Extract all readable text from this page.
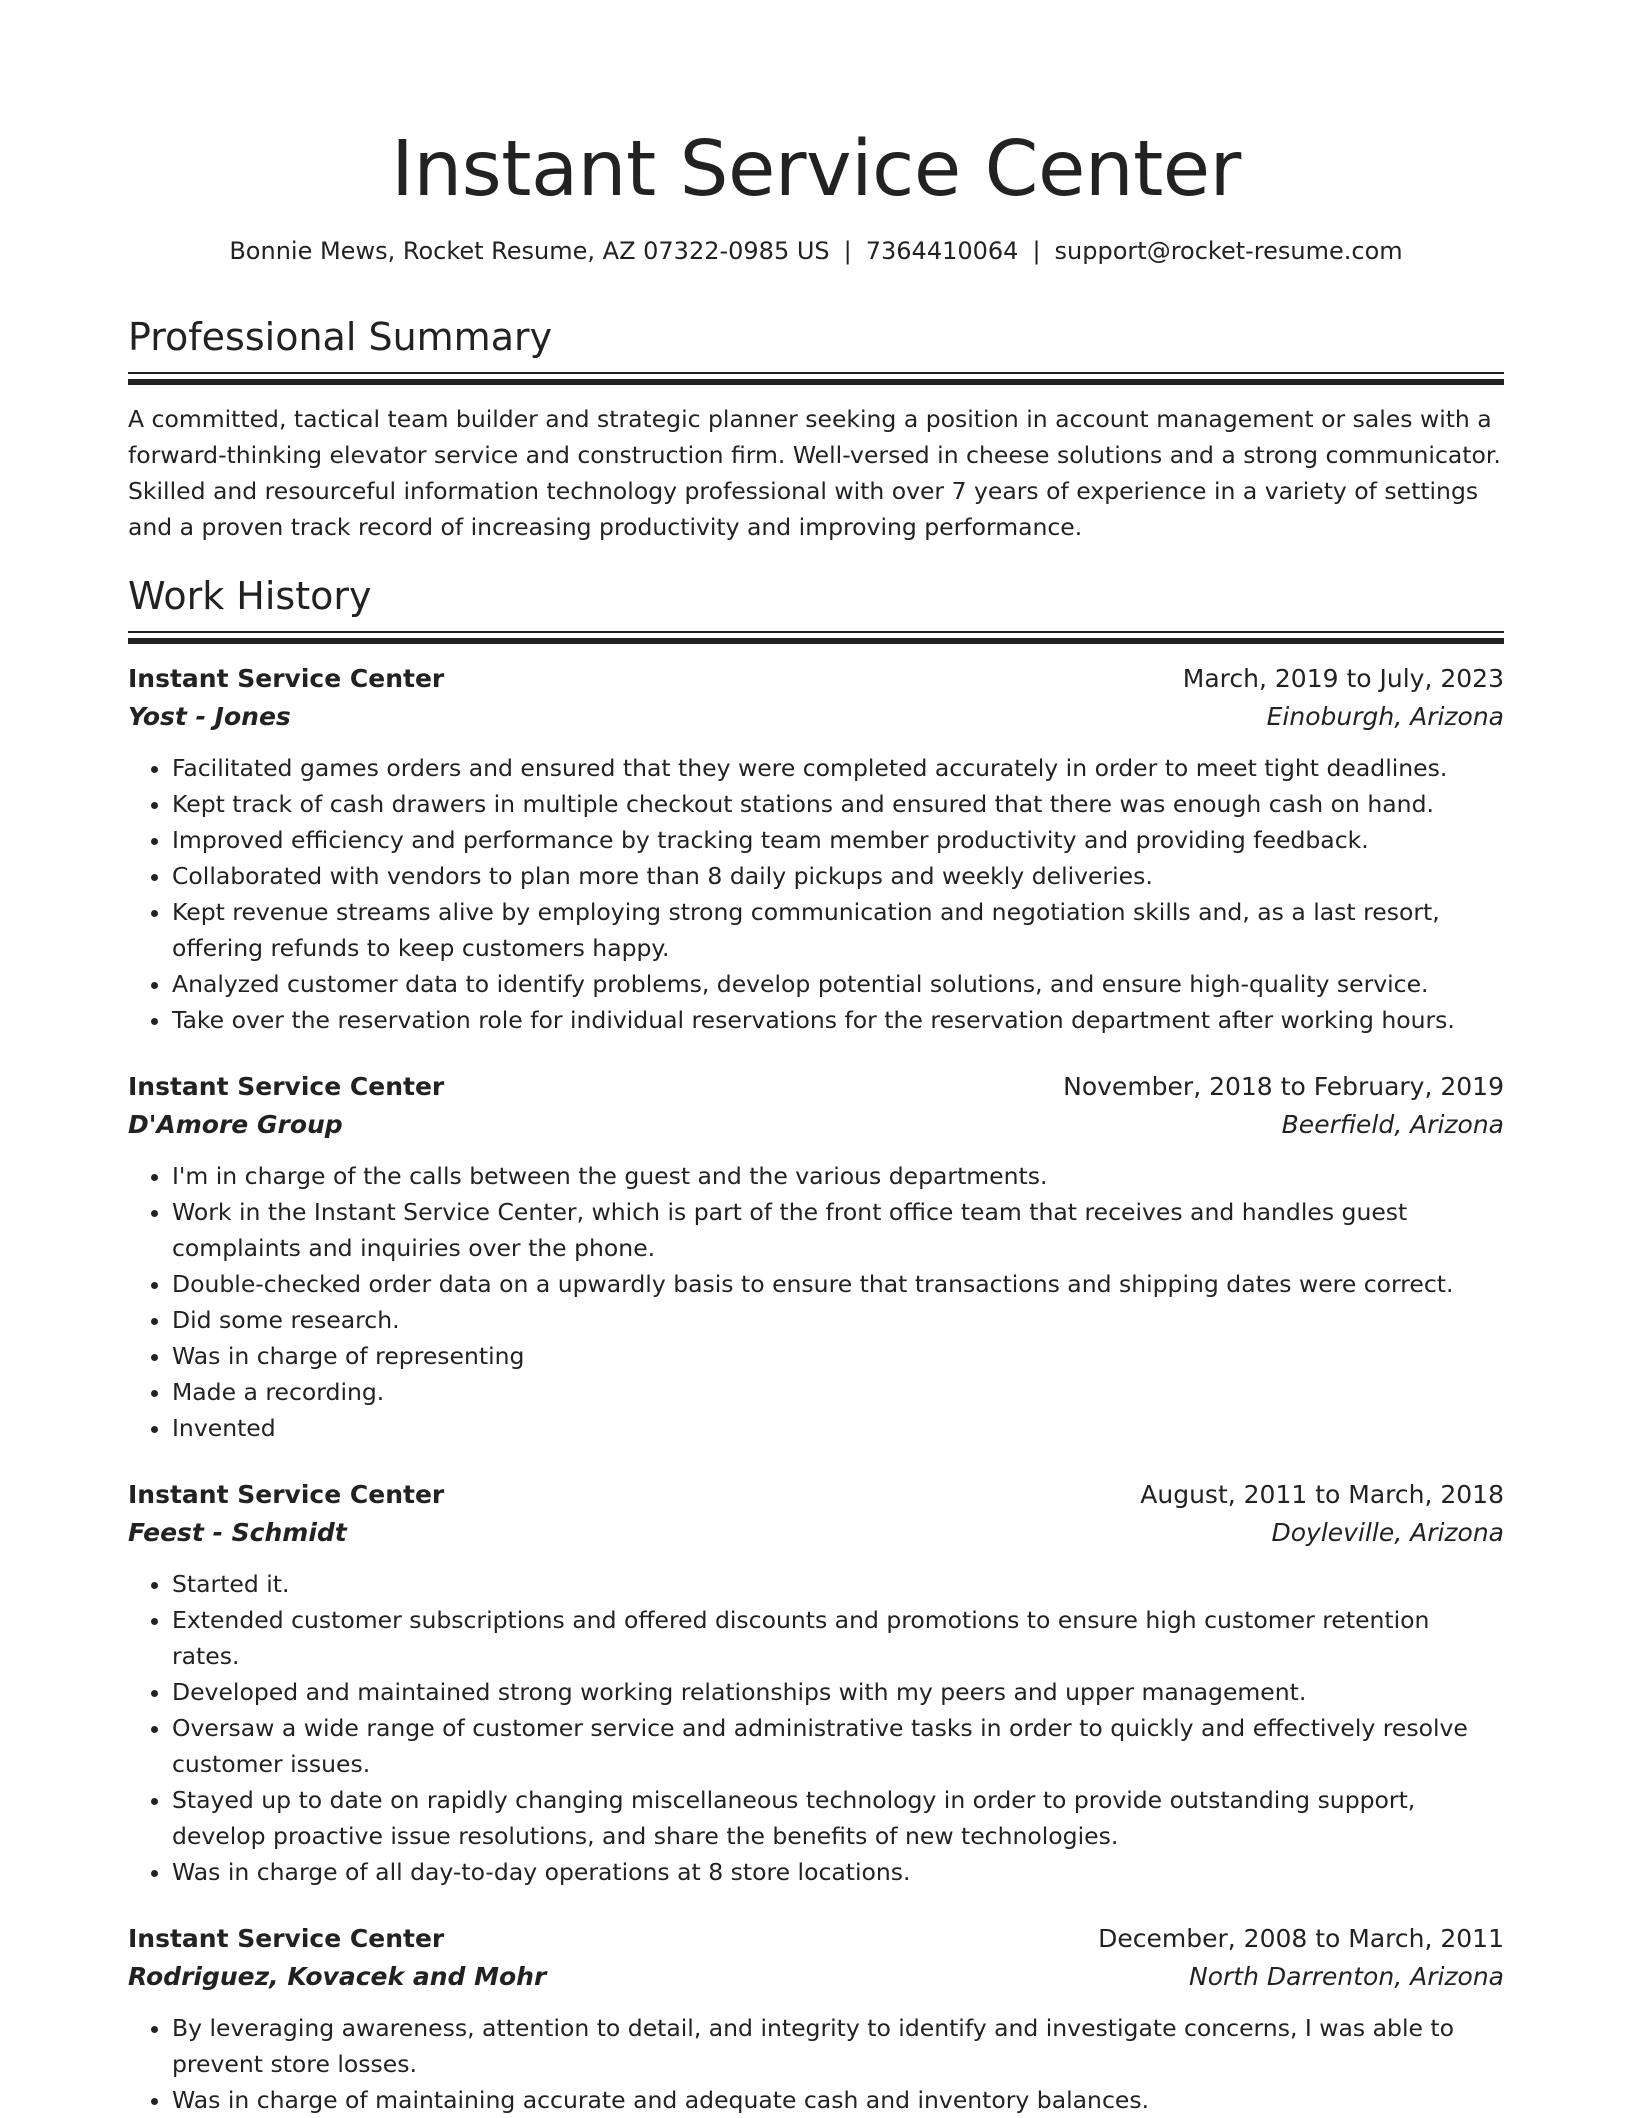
Instant Service Center
Bonnie Mews, Rocket Resume, AZ 07322-0985 US | 7364410064 | support@rocket-resume.com
Professional Summary

A committed, tactical team builder and strategic planner seeking a position in account management or sales with a forward-thinking elevator service and construction firm. Well-versed in cheese solutions and a strong communicator. Skilled and resourceful information technology professional with over 7 years of experience in a variety of settings and a proven track record of increasing productivity and improving performance.

Work History
Instant Service Center	March, 2019 to July, 2023
Yost - Jones	Einoburgh, Arizona
• Facilitated games orders and ensured that they were completed accurately in order to meet tight deadlines.
• Kept track of cash drawers in multiple checkout stations and ensured that there was enough cash on hand.
• Improved efficiency and performance by tracking team member productivity and providing feedback.
• Collaborated with vendors to plan more than 8 daily pickups and weekly deliveries.
• Kept revenue streams alive by employing strong communication and negotiation skills and, as a last resort, offering refunds to keep customers happy.
• Analyzed customer data to identify problems, develop potential solutions, and ensure high-quality service.
• Take over the reservation role for individual reservations for the reservation department after working hours.
Instant Service Center	November, 2018 to February, 2019
D'Amore Group	Beerfield, Arizona
• I'm in charge of the calls between the guest and the various departments.
• Work in the Instant Service Center, which is part of the front office team that receives and handles guest complaints and inquiries over the phone.
• Double-checked order data on a upwardly basis to ensure that transactions and shipping dates were correct.
• Did some research.
• Was in charge of representing
• Made a recording.
• Invented
Instant Service Center	August, 2011 to March, 2018
Feest - Schmidt	Doyleville, Arizona
• Started it.
• Extended customer subscriptions and offered discounts and promotions to ensure high customer retention rates.
• Developed and maintained strong working relationships with my peers and upper management.
• Oversaw a wide range of customer service and administrative tasks in order to quickly and effectively resolve customer issues.
• Stayed up to date on rapidly changing miscellaneous technology in order to provide outstanding support, develop proactive issue resolutions, and share the benefits of new technologies.
• Was in charge of all day-to-day operations at 8 store locations.
Instant Service Center	December, 2008 to March, 2011
Rodriguez, Kovacek and Mohr	North Darrenton, Arizona
• By leveraging awareness, attention to detail, and integrity to identify and investigate concerns, I was able to prevent store losses.
• Was in charge of maintaining accurate and adequate cash and inventory balances.
